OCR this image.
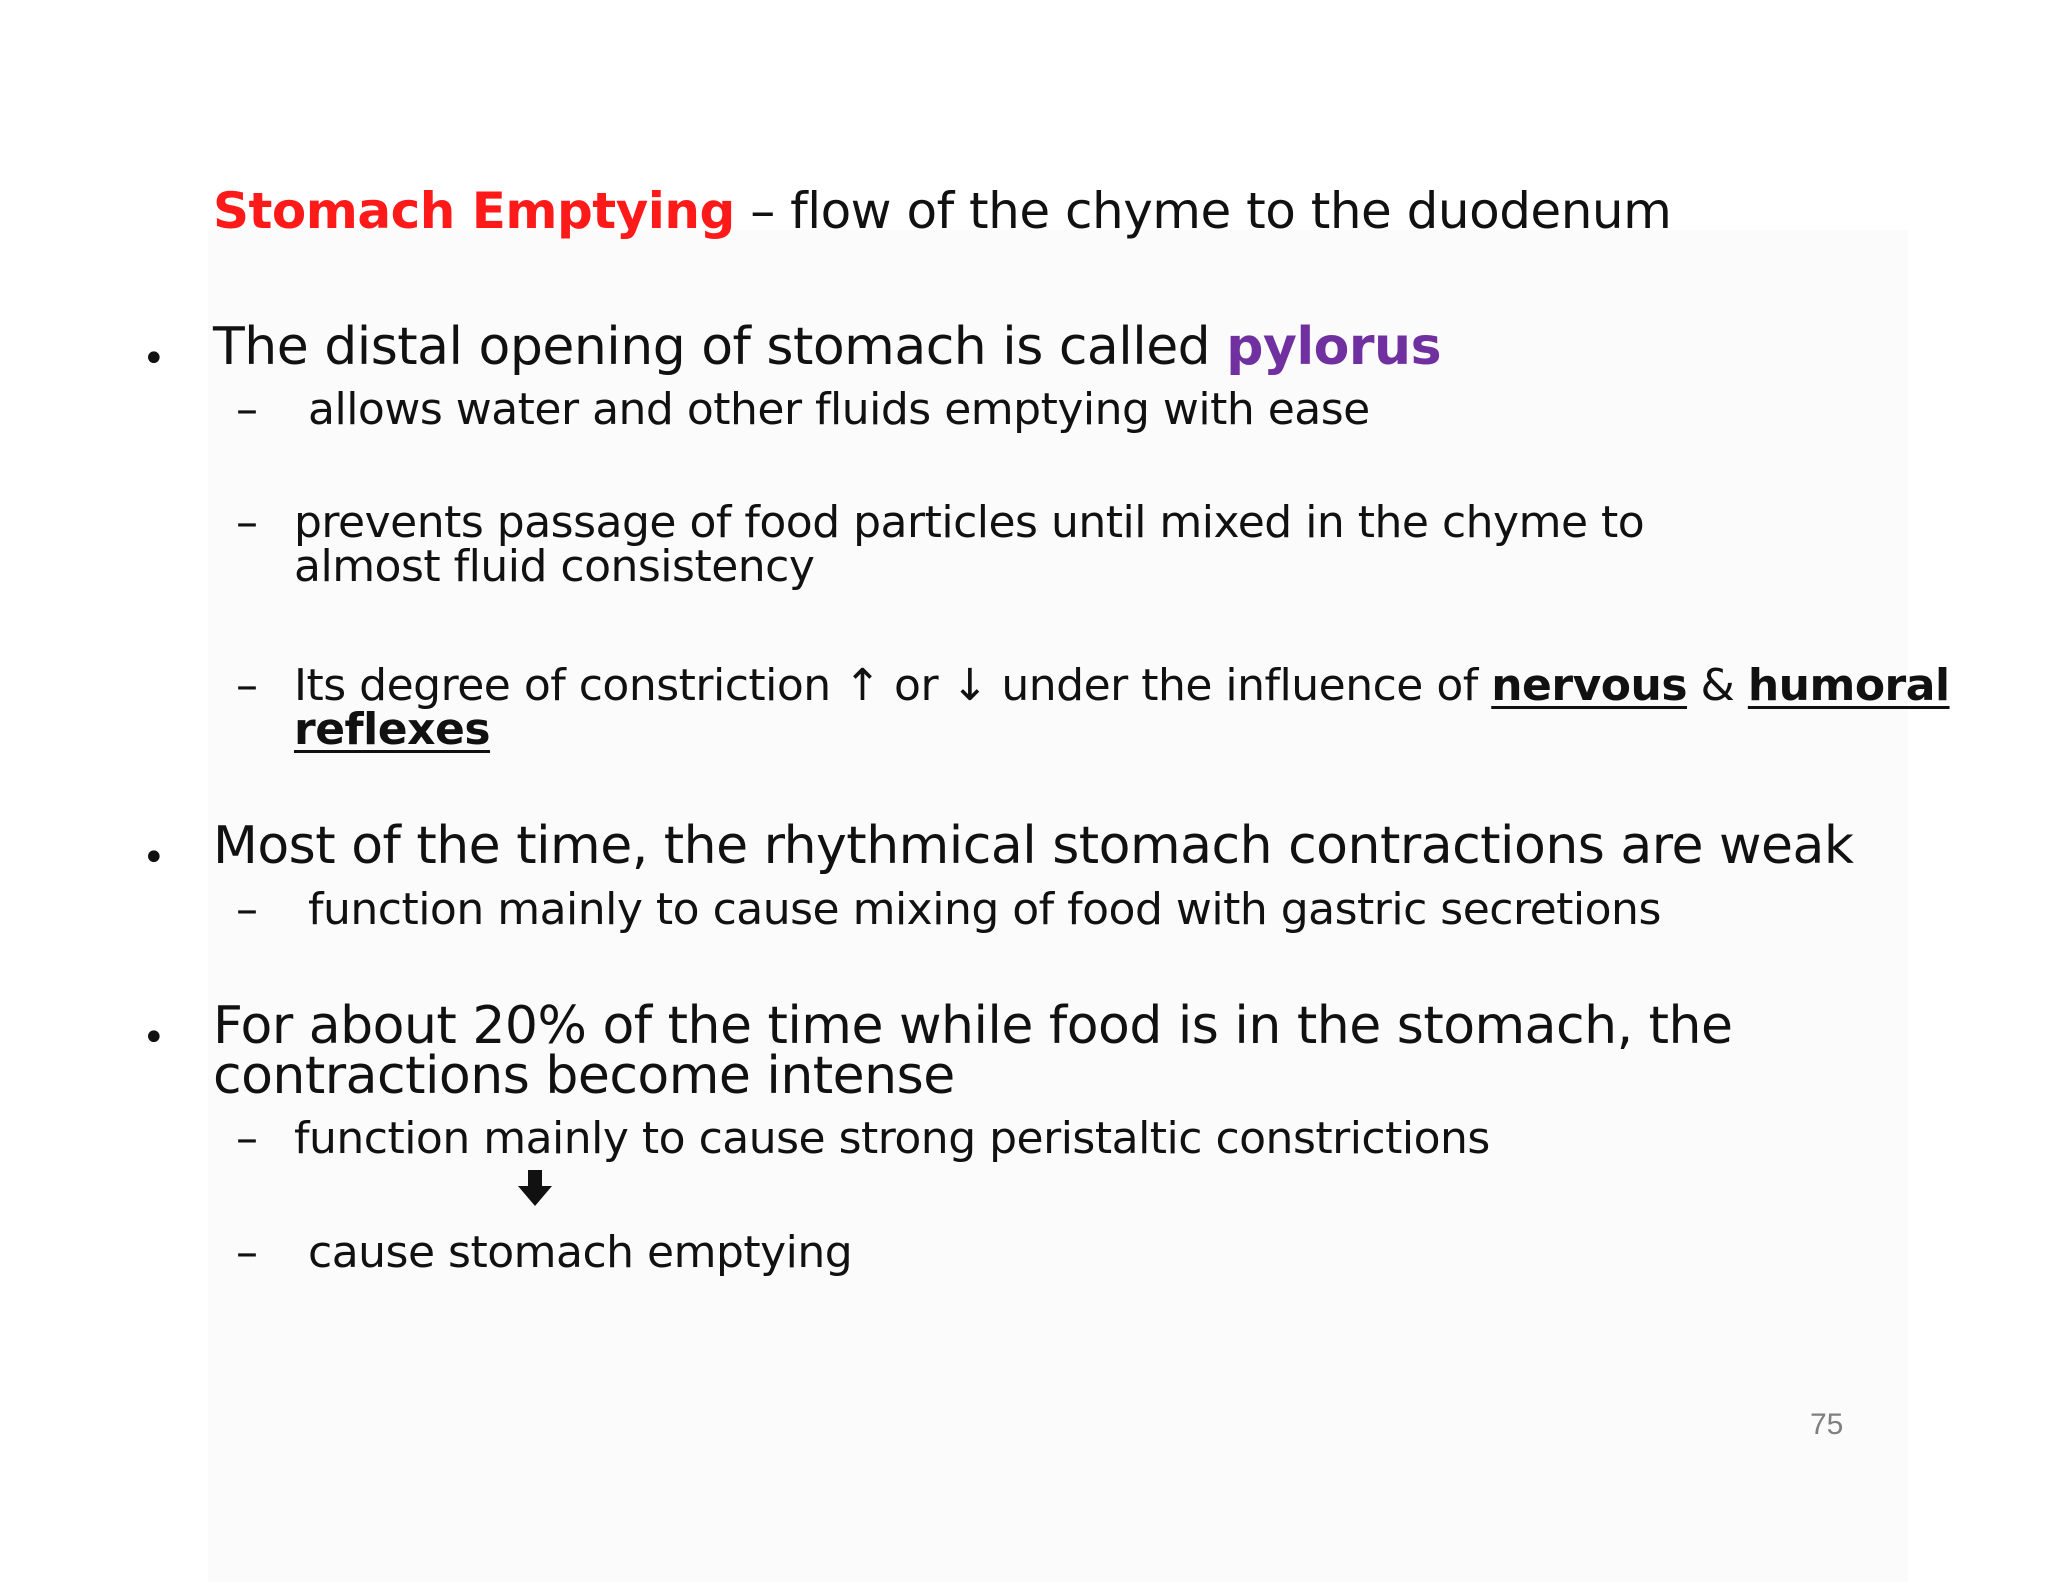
Stomach Emptying – flow of the chyme to the duodenum
• The distal opening of stomach is called pylorus
– allows water and other fluids emptying with ease
– prevents passage of food particles until mixed in the chyme to
almost fluid consistency
– Its degree of constriction ↑ or ↓ under the influence of nervous & humoral
reflexes
• Most of the time, the rhythmical stomach contractions are weak
– function mainly to cause mixing of food with gastric secretions
• For about 20% of the time while food is in the stomach, the
contractions become intense
– function mainly to cause strong peristaltic constrictions
– cause stomach emptying
75
